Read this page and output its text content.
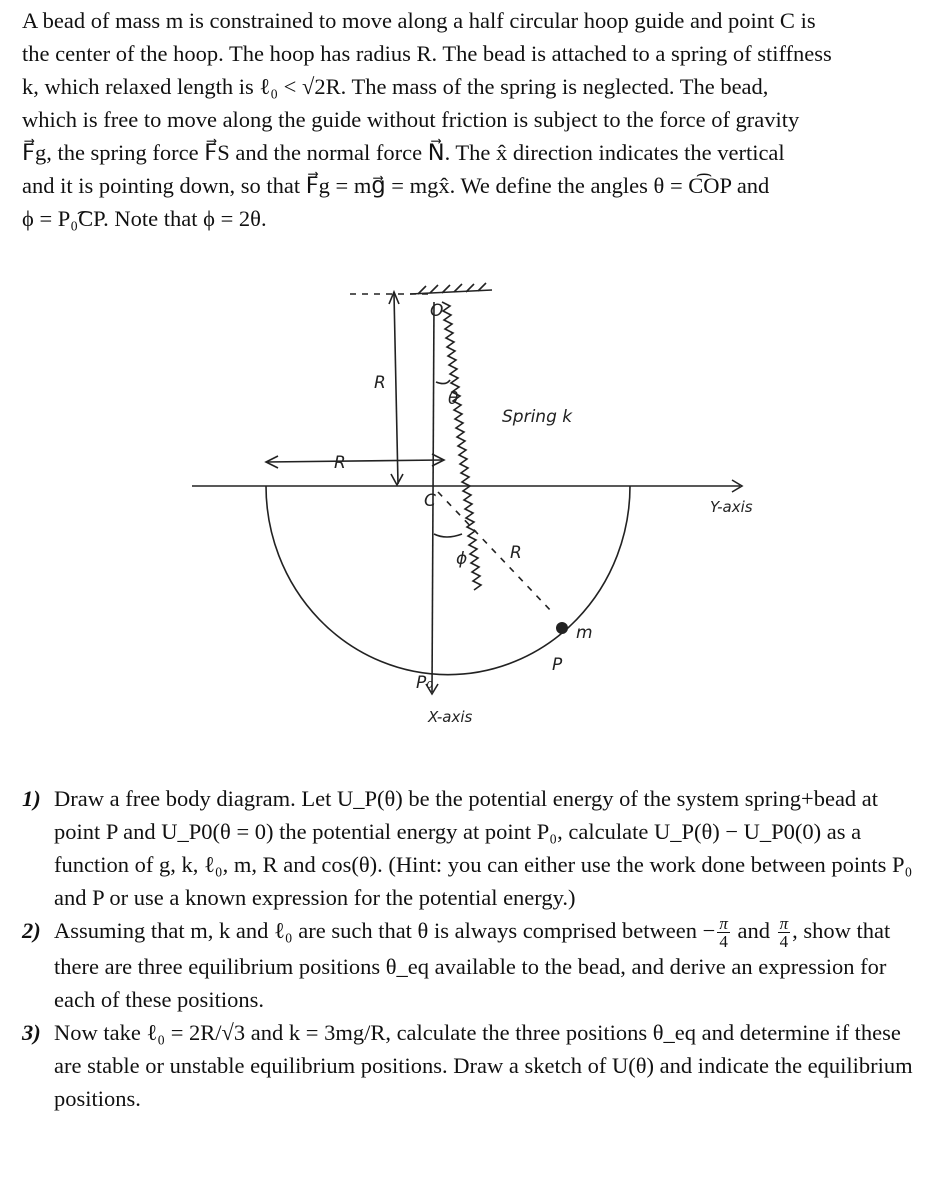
A bead of mass m is constrained to move along a half circular hoop guide and point C is

the center of the hoop. The hoop has radius R. The bead is attached to a spring of stiffness

k, which relaxed length is ℓ₀ < √2R. The mass of the spring is neglected. The bead,

which is free to move along the guide without friction is subject to the force of gravity

F⃗g, the spring force F⃗S and the normal force N⃗. The x̂ direction indicates the vertical

and it is pointing down, so that F⃗g = mg⃗ = mgx̂. We define the angles θ = C͡OP and

ϕ = P₀͡CP. Note that ϕ = 2θ.

O
R
R
θ
Spring k
C
ϕ	R
Y-axis
m
P
P₀
X-axis
1) Draw a free body diagram. Let U_P(θ) be the potential energy of the system spring+bead at point P and U_P0(θ = 0) the potential energy at point P₀, calculate U_P(θ) − U_P0(0) as a function of g, k, ℓ₀, m, R and cos(θ). (Hint: you can either use the work done between points P₀ and P or use a known expression for the potential energy.)
2) Assuming that m, k and ℓ₀ are such that θ is always comprised between − $\frac{\pi}{4}$ and $\frac{\pi}{4}$ , show that there are three equilibrium positions θ_eq available to the bead, and derive an expression for each of these positions.
3) Now take ℓ₀ = 2R/√3 and k = 3mg/R, calculate the three positions θ_eq and determine if these are stable or unstable equilibrium positions. Draw a sketch of U(θ) and indicate the equilibrium positions.
